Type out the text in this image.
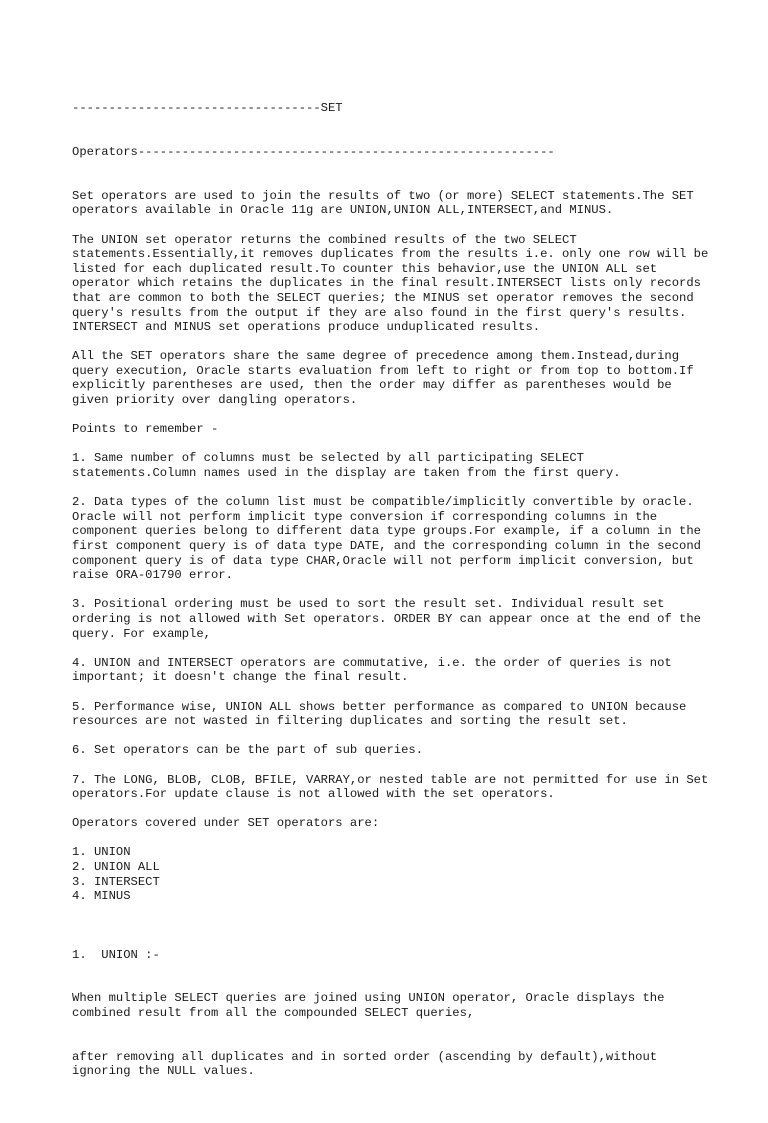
----------------------------------SET

Operators---------------------------------------------------------

Set operators are used to join the results of two (or more) SELECT statements.The SET operators available in Oracle 11g are UNION,UNION ALL,INTERSECT,and MINUS.

The UNION set operator returns the combined results of the two SELECT statements.Essentially,it removes duplicates from the results i.e. only one row will be listed for each duplicated result.To counter this behavior,use the UNION ALL set operator which retains the duplicates in the final result.INTERSECT lists only records that are common to both the SELECT queries; the MINUS set operator removes the second query's results from the output if they are also found in the first query's results. INTERSECT and MINUS set operations produce unduplicated results.

All the SET operators share the same degree of precedence among them.Instead,during query execution, Oracle starts evaluation from left to right or from top to bottom.If explicitly parentheses are used, then the order may differ as parentheses would be given priority over dangling operators.

Points to remember -

1. Same number of columns must be selected by all participating SELECT statements.Column names used in the display are taken from the first query.

2. Data types of the column list must be compatible/implicitly convertible by oracle. Oracle will not perform implicit type conversion if corresponding columns in the component queries belong to different data type groups.For example, if a column in the first component query is of data type DATE, and the corresponding column in the second component query is of data type CHAR,Oracle will not perform implicit conversion, but raise ORA-01790 error.

3. Positional ordering must be used to sort the result set. Individual result set ordering is not allowed with Set operators. ORDER BY can appear once at the end of the query. For example,

4. UNION and INTERSECT operators are commutative, i.e. the order of queries is not important; it doesn't change the final result.

5. Performance wise, UNION ALL shows better performance as compared to UNION because resources are not wasted in filtering duplicates and sorting the result set.

6. Set operators can be the part of sub queries.

7. The LONG, BLOB, CLOB, BFILE, VARRAY,or nested table are not permitted for use in Set operators.For update clause is not allowed with the set operators.

Operators covered under SET operators are:

1. UNION
2. UNION ALL
3. INTERSECT
4. MINUS

1.  UNION :-

When multiple SELECT queries are joined using UNION operator, Oracle displays the combined result from all the compounded SELECT queries,

after removing all duplicates and in sorted order (ascending by default),without ignoring the NULL values.
